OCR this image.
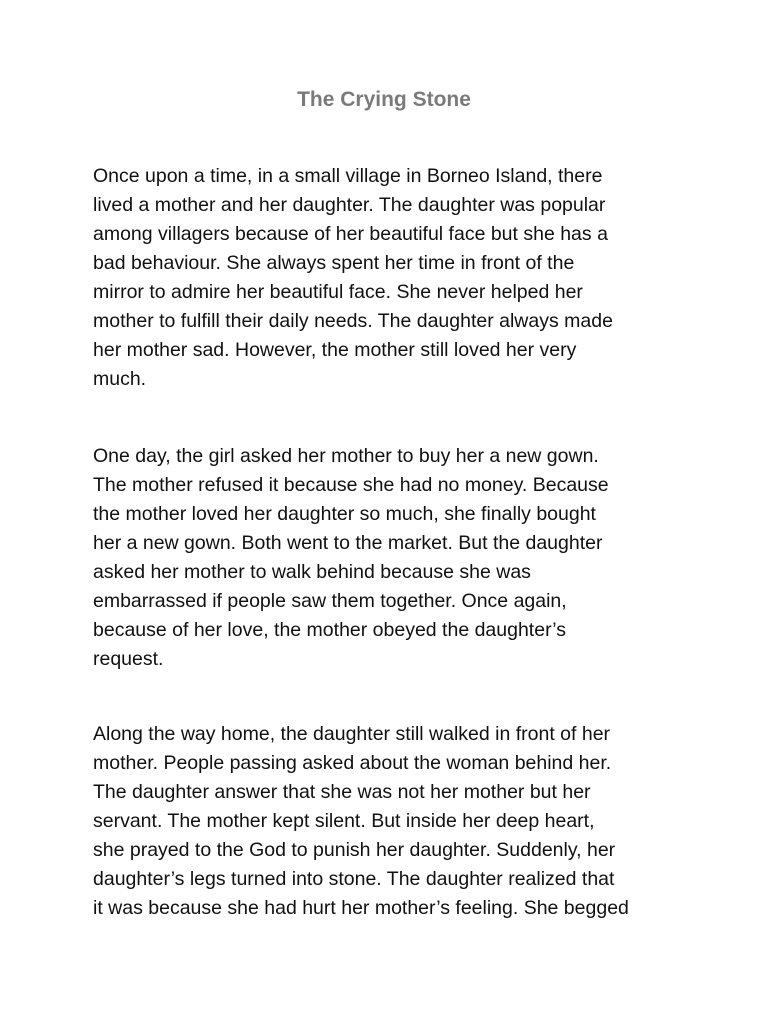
The Crying Stone

Once upon a time, in a small village in Borneo Island, there
lived a mother and her daughter. The daughter was popular
among villagers because of her beautiful face but she has a
bad behaviour. She always spent her time in front of the
mirror to admire her beautiful face. She never helped her
mother to fulfill their daily needs. The daughter always made
her mother sad. However, the mother still loved her very
much.

One day, the girl asked her mother to buy her a new gown.
The mother refused it because she had no money. Because
the mother loved her daughter so much, she finally bought
her a new gown. Both went to the market. But the daughter
asked her mother to walk behind because she was
embarrassed if people saw them together. Once again,
because of her love, the mother obeyed the daughter’s
request.

Along the way home, the daughter still walked in front of her
mother. People passing asked about the woman behind her.
The daughter answer that she was not her mother but her
servant. The mother kept silent. But inside her deep heart,
she prayed to the God to punish her daughter. Suddenly, her
daughter’s legs turned into stone. The daughter realized that
it was because she had hurt her mother’s feeling. She begged
